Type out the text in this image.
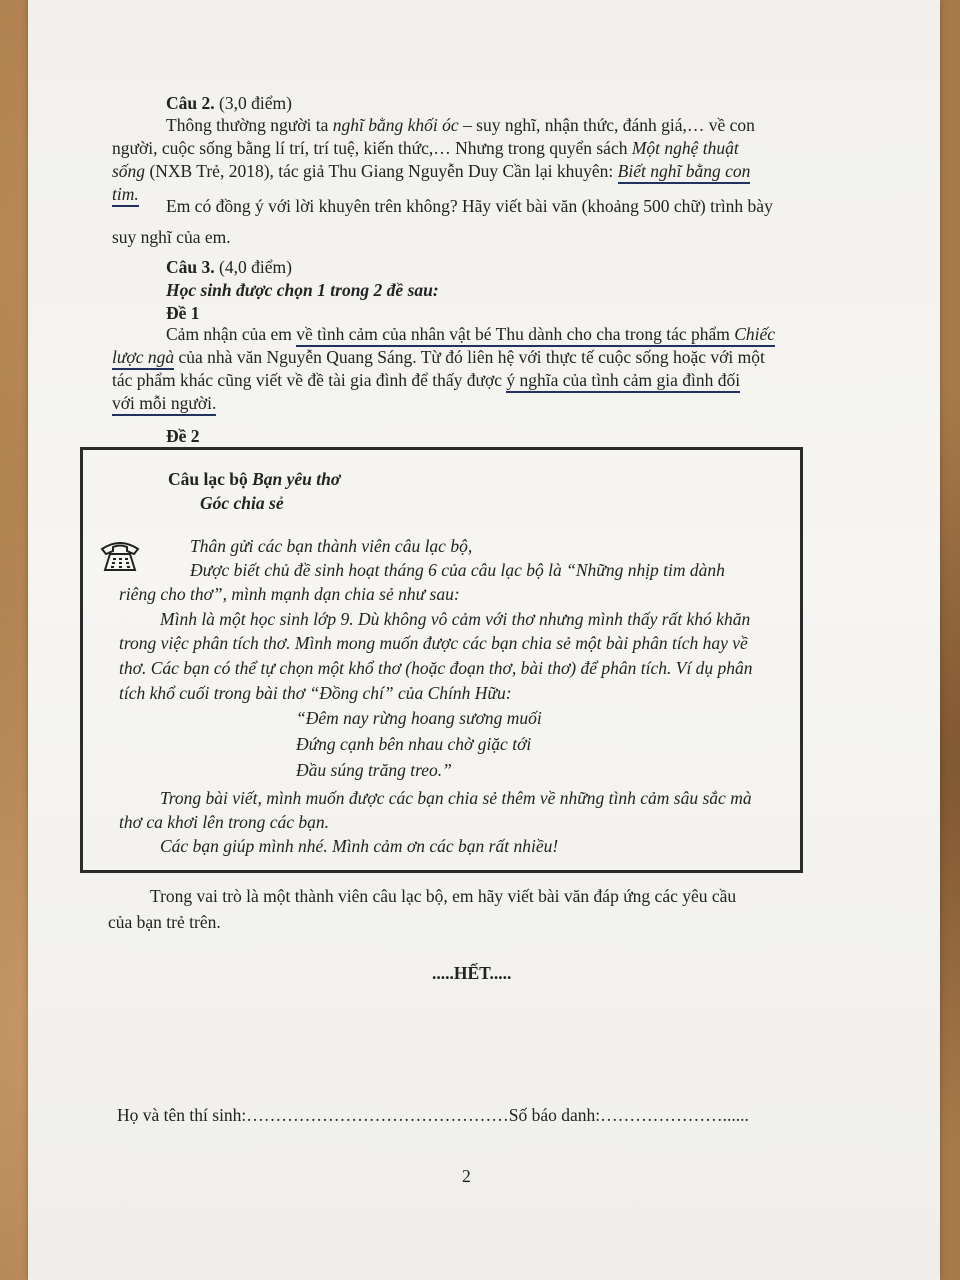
Câu 2. (3,0 điểm)
Thông thường người ta nghĩ bằng khối óc – suy nghĩ, nhận thức, đánh giá,… về con
người, cuộc sống bằng lí trí, trí tuệ, kiến thức,… Nhưng trong quyển sách Một nghệ thuật
sống (NXB Trẻ, 2018), tác giả Thu Giang Nguyễn Duy Cần lại khuyên: Biết nghĩ bằng con
tim.
Em có đồng ý với lời khuyên trên không? Hãy viết bài văn (khoảng 500 chữ) trình bày
suy nghĩ của em.
Câu 3. (4,0 điểm)
Học sinh được chọn 1 trong 2 đề sau:
Đề 1
Cảm nhận của em về tình cảm của nhân vật bé Thu dành cho cha trong tác phẩm Chiếc
lược ngà của nhà văn Nguyễn Quang Sáng. Từ đó liên hệ với thực tế cuộc sống hoặc với một
tác phẩm khác cũng viết về đề tài gia đình để thấy được ý nghĩa của tình cảm gia đình đối
với mỗi người.
Đề 2
Câu lạc bộ Bạn yêu thơ
Góc chia sẻ
Thân gửi các bạn thành viên câu lạc bộ,
Được biết chủ đề sinh hoạt tháng 6 của câu lạc bộ là “Những nhịp tim dành
riêng cho thơ”, mình mạnh dạn chia sẻ như sau:
Mình là một học sinh lớp 9. Dù không vô cảm với thơ nhưng mình thấy rất khó khăn
trong việc phân tích thơ. Mình mong muốn được các bạn chia sẻ một bài phân tích hay về
thơ. Các bạn có thể tự chọn một khổ thơ (hoặc đoạn thơ, bài thơ) để phân tích. Ví dụ phân
tích khổ cuối trong bài thơ “Đồng chí” của Chính Hữu:
“Đêm nay rừng hoang sương muối
Đứng cạnh bên nhau chờ giặc tới
Đầu súng trăng treo.”
Trong bài viết, mình muốn được các bạn chia sẻ thêm về những tình cảm sâu sắc mà
thơ ca khơi lên trong các bạn.
Các bạn giúp mình nhé. Mình cảm ơn các bạn rất nhiều!
Trong vai trò là một thành viên câu lạc bộ, em hãy viết bài văn đáp ứng các yêu cầu
của bạn trẻ trên.
.....HẾT.....
Họ và tên thí sinh:………………………………………Số báo danh:…………………......
2
